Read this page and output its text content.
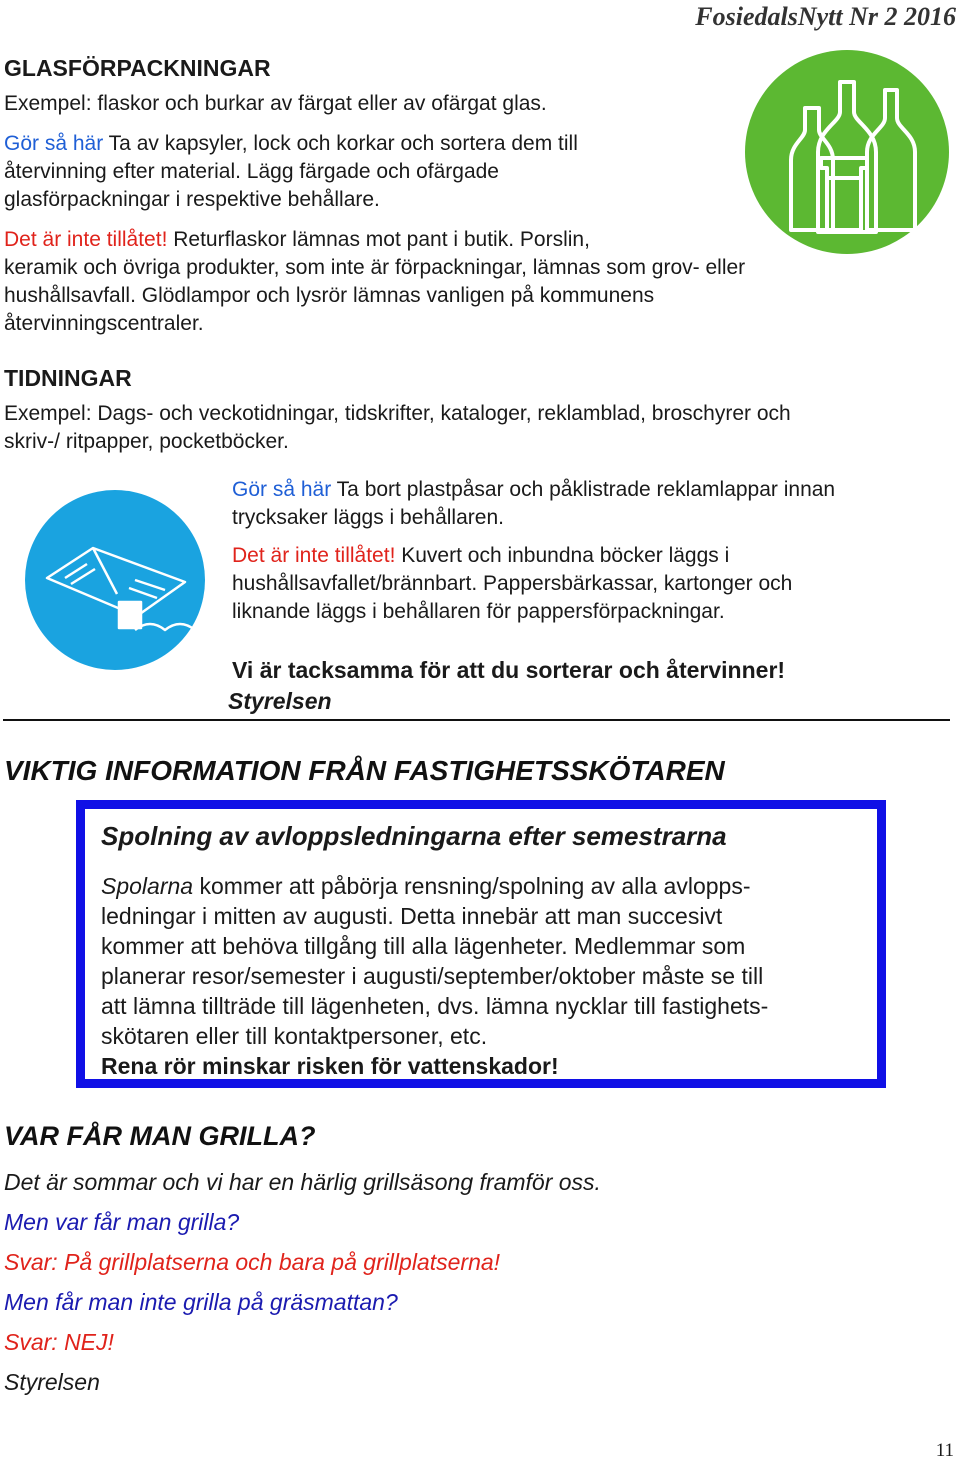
FosiedalsNytt Nr 2 2016
GLASFÖRPACKNINGAR
Exempel: flaskor och burkar av färgat eller av ofärgat glas.
Gör så här Ta av kapsyler, lock och korkar och sortera dem till
återvinning efter material. Lägg färgade och ofärgade
glasförpackningar i respektive behållare.
Det är inte tillåtet! Returflaskor lämnas mot pant i butik. Porslin,
keramik och övriga produkter, som inte är förpackningar, lämnas som grov- eller
hushållsavfall. Glödlampor och lysrör lämnas vanligen på kommunens
återvinningscentraler.
TIDNINGAR
Exempel: Dags- och veckotidningar, tidskrifter, kataloger, reklamblad, broschyrer och
skriv-/ ritpapper, pocketböcker.
Gör så här Ta bort plastpåsar och påklistrade reklamlappar innan
trycksaker läggs i behållaren.
Det är inte tillåtet! Kuvert och inbundna böcker läggs i
hushållsavfallet/brännbart. Pappersbärkassar, kartonger och
liknande läggs i behållaren för pappersförpackningar.
Vi är tacksamma för att du sorterar och återvinner!
Styrelsen
VIKTIG INFORMATION FRÅN FASTIGHETSSKÖTAREN
Spolning av avloppsledningarna efter semestrarna
Spolarna kommer att påbörja rensning/spolning av alla avlopps-
ledningar i mitten av augusti. Detta innebär att man succesivt
kommer att behöva tillgång till alla lägenheter. Medlemmar som
planerar resor/semester i augusti/september/oktober måste se till
att lämna tillträde till lägenheten, dvs. lämna nycklar till fastighets-
skötaren eller till kontaktpersoner, etc.
Rena rör minskar risken för vattenskador!
VAR FÅR MAN GRILLA?
Det är sommar och vi har en härlig grillsäsong framför oss.
Men var får man grilla?
Svar: På grillplatserna och bara på grillplatserna!
Men får man inte grilla på gräsmattan?
Svar: NEJ!
Styrelsen
11
